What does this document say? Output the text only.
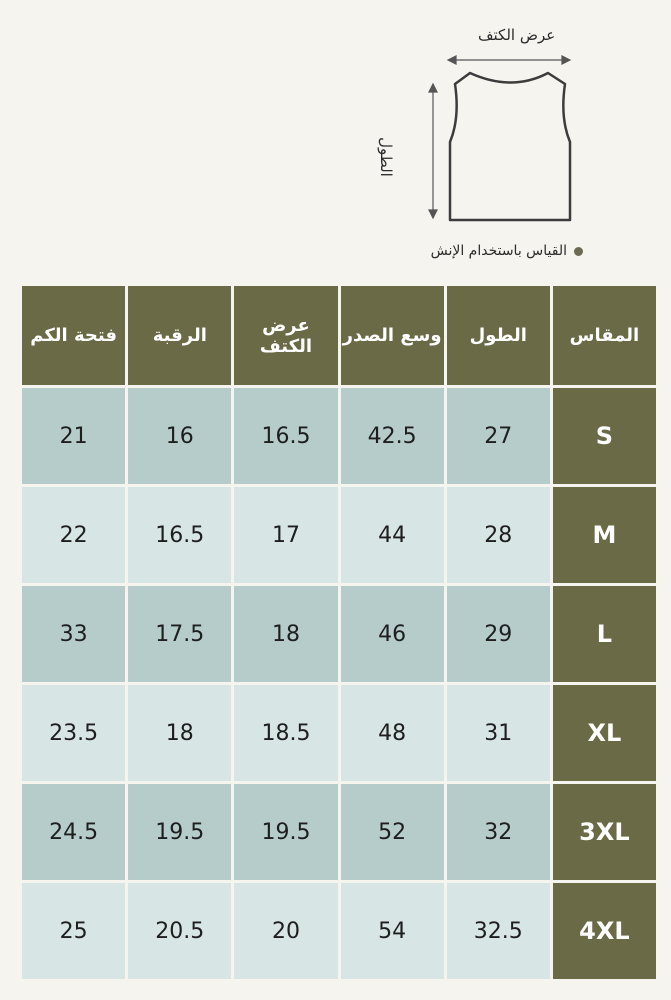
عرض الكتف
الطول
القياس باستخدام الإنش
المقاس	الطول	وسع الصدر	عرض الكتف	الرقبة	فتحة الكم
S	27	42.5	16.5	16	21
M	28	44	17	16.5	22
L	29	46	18	17.5	33
XL	31	48	18.5	18	23.5
3XL	32	52	19.5	19.5	24.5
4XL	32.5	54	20	20.5	25
